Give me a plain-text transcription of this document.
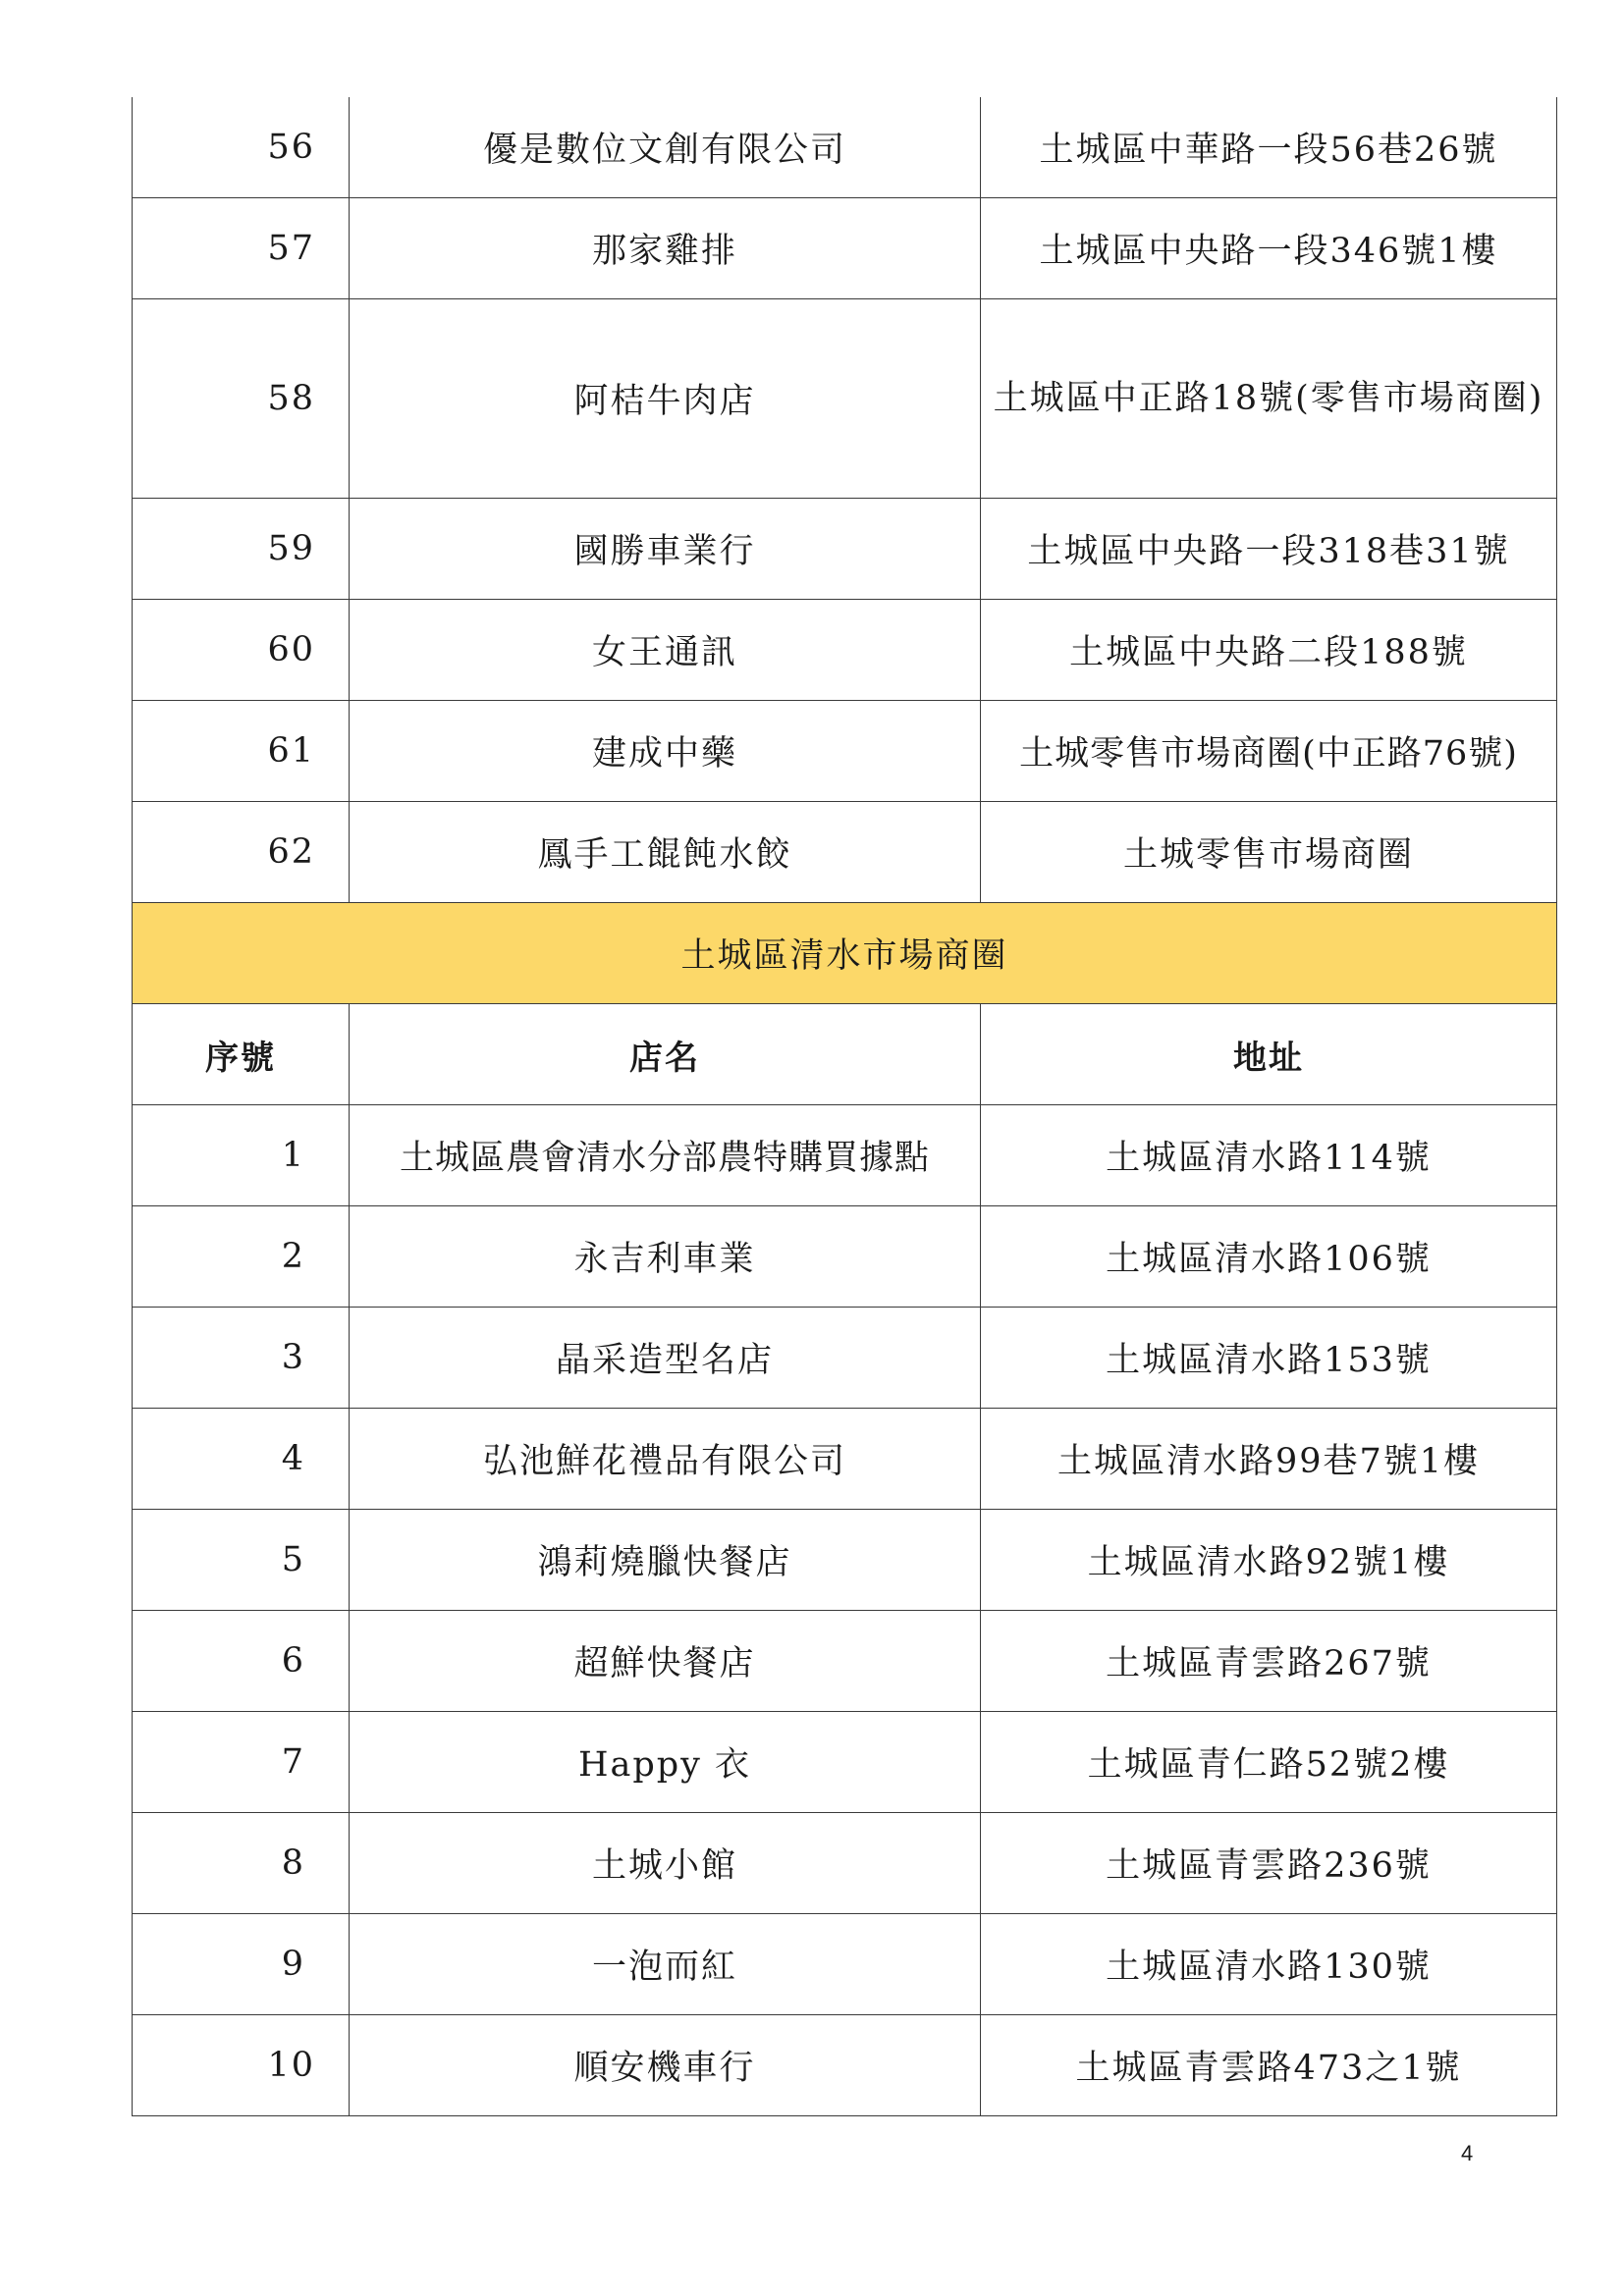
56	優是數位文創有限公司	土城區中華路一段56巷26號
57	那家雞排	土城區中央路一段346號1樓
58	阿桔牛肉店	土城區中正路18號(零售市場商圈)
59	國勝車業行	土城區中央路一段318巷31號
60	女王通訊	土城區中央路二段188號
61	建成中藥	土城零售市場商圈(中正路76號)
62	鳳手工餛飩水餃	土城零售市場商圈
土城區清水市場商圈		
序號	店名	地址
1	土城區農會清水分部農特購買據點	土城區清水路114號
2	永吉利車業	土城區清水路106號
3	晶采造型名店	土城區清水路153號
4	弘池鮮花禮品有限公司	土城區清水路99巷7號1樓
5	鴻莉燒臘快餐店	土城區清水路92號1樓
6	超鮮快餐店	土城區青雲路267號
7	Happy 衣	土城區青仁路52號2樓
8	土城小館	土城區青雲路236號
9	一泡而紅	土城區清水路130號
10	順安機車行	土城區青雲路473之1號
4
